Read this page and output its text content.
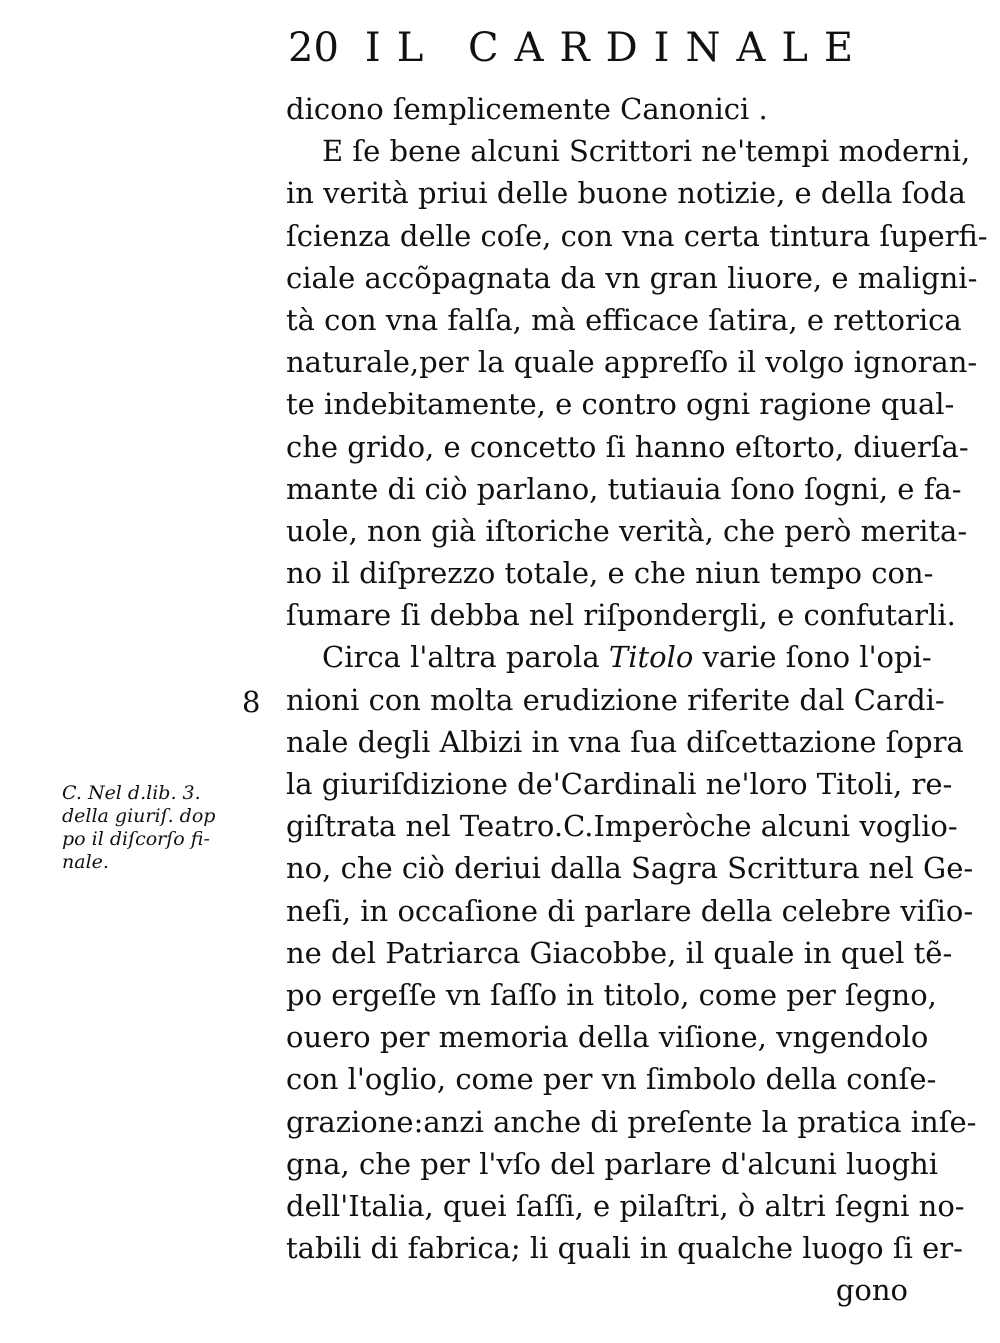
20 IL CARDINALE
dicono ſemplicemente Canonici .
E ſe bene alcuni Scrittori ne'tempi moderni,
in verità priui delle buone notizie, e della ſoda
ſcienza delle coſe, con vna certa tintura ſuperfi-
ciale accõpagnata da vn gran liuore, e maligni-
tà con vna falſa, mà efficace ſatira, e rettorica
naturale,per la quale appreſſo il volgo ignoran-
te indebitamente, e contro ogni ragione qual-
che grido, e concetto ſi hanno eſtorto, diuerſa-
mante di ciò parlano, tutiauia ſono ſogni, e fa-
uole, non già iſtoriche verità, che però merita-
no il diſprezzo totale, e che niun tempo con-
ſumare ſi debba nel riſpondergli, e confutarli.
Circa l'altra parola Titolo varie ſono l'opi-
nioni con molta erudizione riferite dal Cardi-
nale degli Albizi in vna ſua diſcettazione ſopra
la giuriſdizione de'Cardinali ne'loro Titoli, re-
giſtrata nel Teatro.C.Imperòche alcuni voglio-
no, che ciò deriui dalla Sagra Scrittura nel Ge-
neſi, in occaſione di parlare della celebre viſio-
ne del Patriarca Giacobbe, il quale in quel tẽ-
po ergeſſe vn ſaſſo in titolo, come per ſegno,
ouero per memoria della viſione, vngendolo
con l'oglio, come per vn ſimbolo della conſe-
grazione:anzi anche di preſente la pratica inſe-
gna, che per l'vſo del parlare d'alcuni luoghi
dell'Italia, quei ſaſſi, e pilaſtri, ò altri ſegni no-
tabili di fabrica; li quali in qualche luogo ſi er-
gono
8
C. Nel d.lib. 3.
della giuriſ. dop
po il diſcorſo fi-
nale.
